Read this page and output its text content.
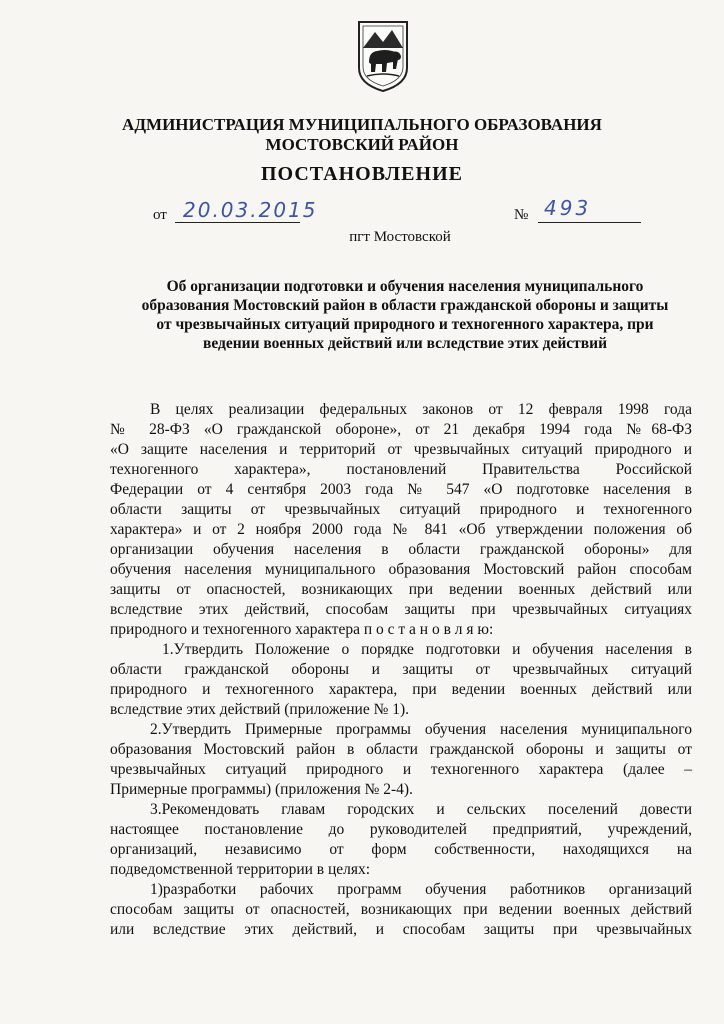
АДМИНИСТРАЦИЯ МУНИЦИПАЛЬНОГО ОБРАЗОВАНИЯ
МОСТОВСКИЙ РАЙОН
ПОСТАНОВЛЕНИЕ
от 20.03.2015	№ 493
пгт Мостовской
Об организации подготовки и обучения населения муниципального
образования Мостовский район в области гражданской обороны и защиты
от чрезвычайных ситуаций природного и техногенного характера, при
ведении военных действий или вследствие этих действий
В целях реализации федеральных законов от 12 февраля 1998 года
№ 28-ФЗ «О гражданской обороне», от 21 декабря 1994 года №68-ФЗ
«О защите населения и территорий от чрезвычайных ситуаций природного и
техногенного характера», постановлений Правительства Российской
Федерации от 4 сентября 2003 года № 547 «О подготовке населения в
области защиты от чрезвычайных ситуаций природного и техногенного
характера» и от 2 ноября 2000 года № 841 «Об утверждении положения об
организации обучения населения в области гражданской обороны» для
обучения населения муниципального образования Мостовский район способам
защиты от опасностей, возникающих при ведении военных действий или
вследствие этих действий, способам защиты при чрезвычайных ситуациях
природного и техногенного характера п о с т а н о в л я ю:
1.Утвердить Положение о порядке подготовки и обучения населения в
области гражданской обороны и защиты от чрезвычайных ситуаций
природного и техногенного характера, при ведении военных действий или
вследствие этих действий (приложение № 1).
2.Утвердить Примерные программы обучения населения муниципального
образования Мостовский район в области гражданской обороны и защиты от
чрезвычайных ситуаций природного и техногенного характера (далее –
Примерные программы) (приложения № 2-4).
3.Рекомендовать главам городских и сельских поселений довести
настоящее постановление до руководителей предприятий, учреждений,
организаций, независимо от форм собственности, находящихся на
подведомственной территории в целях:
1)разработки рабочих программ обучения работников организаций
способам защиты от опасностей, возникающих при ведении военных действий
или вследствие этих действий, и способам защиты при чрезвычайных
